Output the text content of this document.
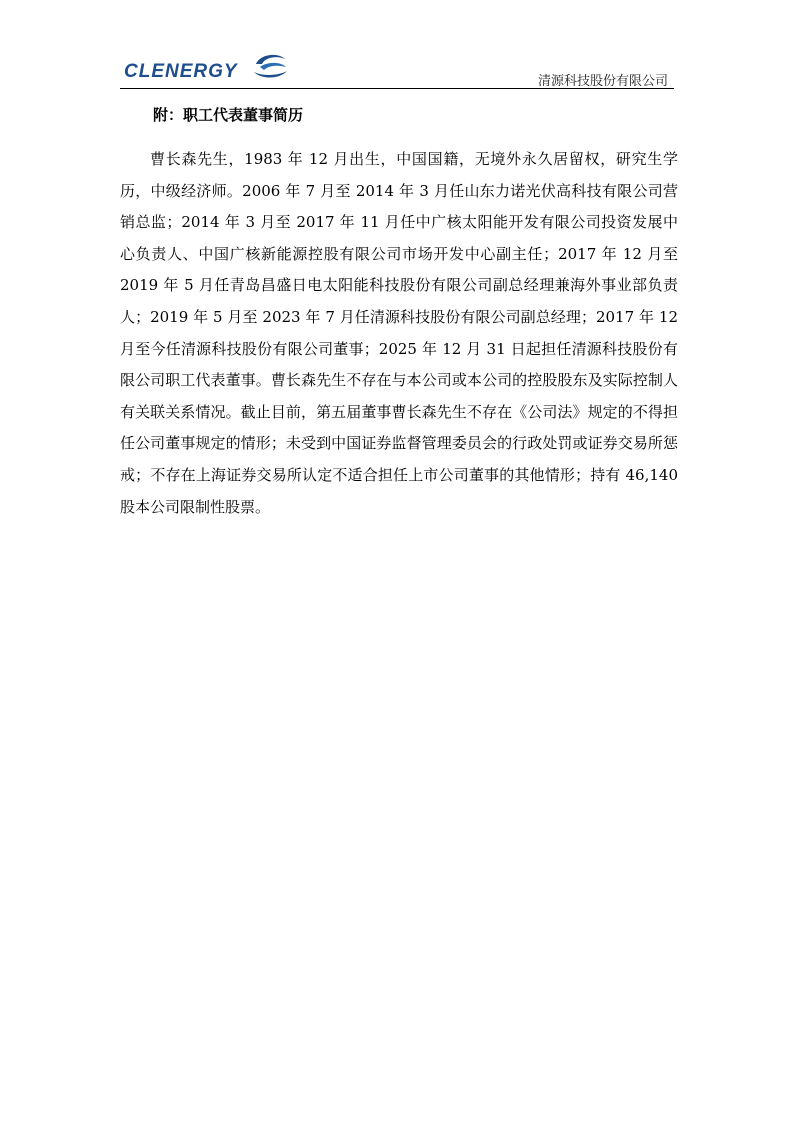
CLENERGY	清源科技股份有限公司
附：职工代表董事简历

曹长森先生，1983 年 12 月出生，中国国籍，无境外永久居留权，研究生学历，中级经济师。2006 年 7 月至 2014 年 3 月任山东力诺光伏高科技有限公司营销总监；2014 年 3 月至 2017 年 11 月任中广核太阳能开发有限公司投资发展中心负责人、中国广核新能源控股有限公司市场开发中心副主任；2017 年 12 月至 2019 年 5 月任青岛昌盛日电太阳能科技股份有限公司副总经理兼海外事业部负责人；2019 年 5 月至 2023 年 7 月任清源科技股份有限公司副总经理；2017 年 12 月至今任清源科技股份有限公司董事；2025 年 12 月 31 日起担任清源科技股份有限公司职工代表董事。曹长森先生不存在与本公司或本公司的控股股东及实际控制人有关联关系情况。截止目前，第五届董事曹长森先生不存在《公司法》规定的不得担任公司董事规定的情形；未受到中国证券监督管理委员会的行政处罚或证券交易所惩戒；不存在上海证券交易所认定不适合担任上市公司董事的其他情形；持有 46,140 股本公司限制性股票。
